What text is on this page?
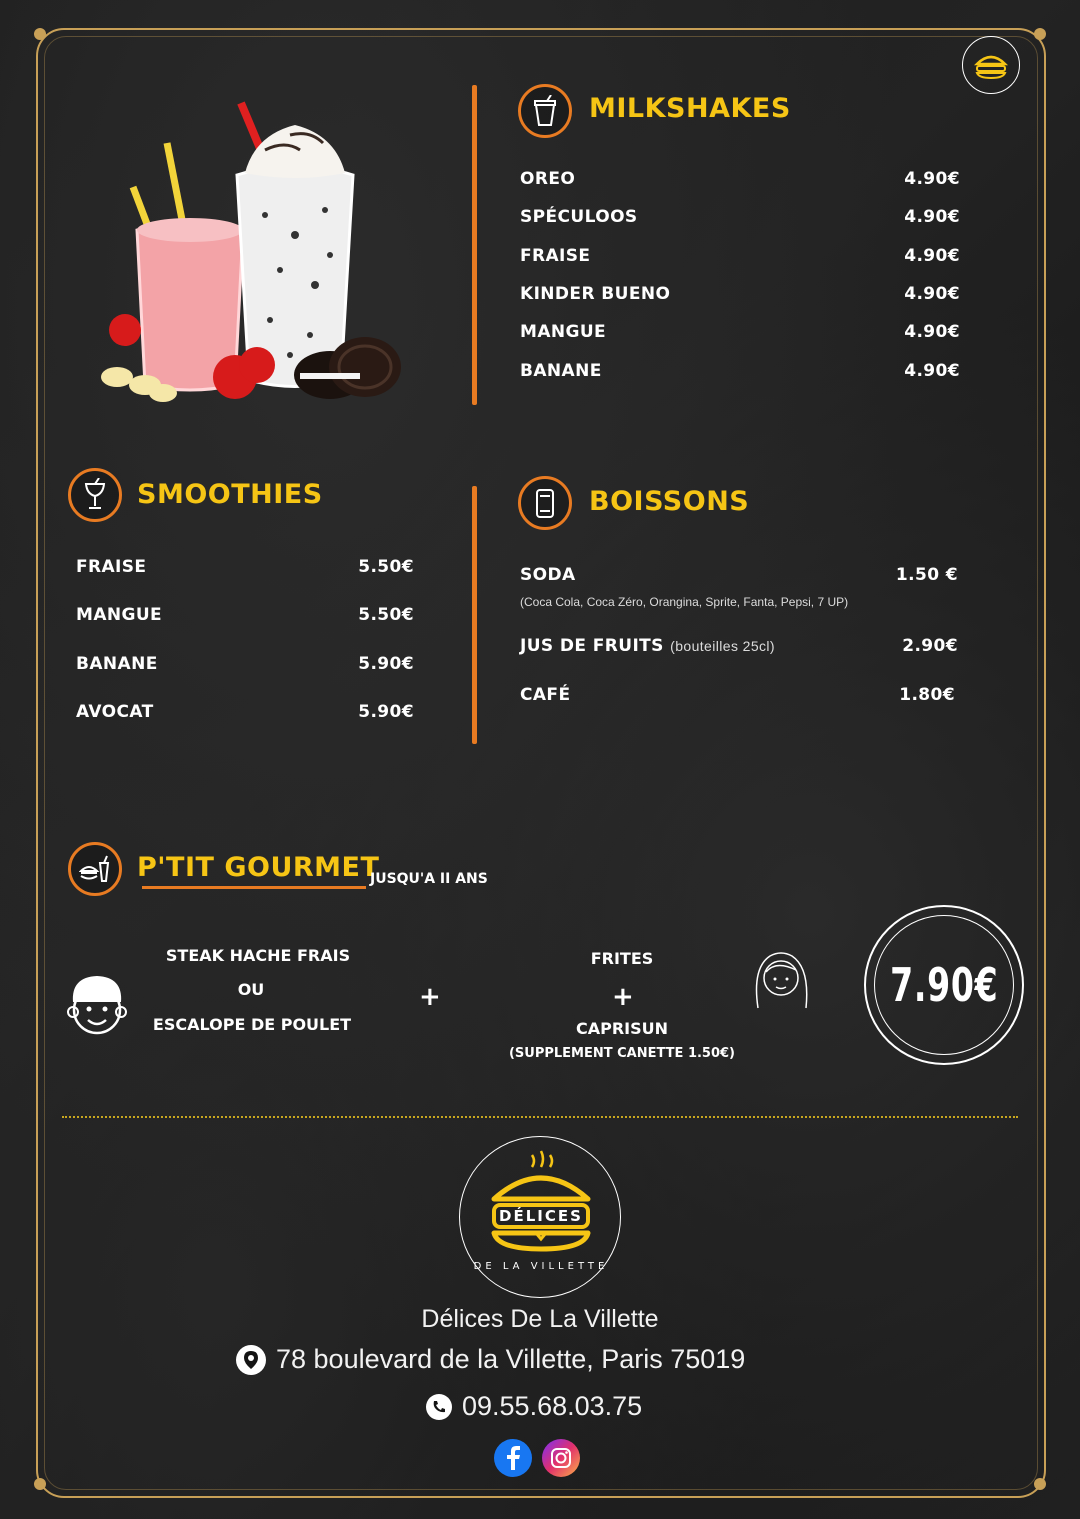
MILKSHAKES
OREO	4.90€
SPÉCULOOS	4.90€
FRAISE	4.90€
KINDER BUENO	4.90€
MANGUE	4.90€
BANANE	4.90€
SMOOTHIES
FRAISE	5.50€
MANGUE	5.50€
BANANE	5.90€
AVOCAT	5.90€
BOISSONS
SODA	1.50 €
(Coca Cola, Coca Zéro, Orangina, Sprite, Fanta, Pepsi, 7 UP)
JUS DE FRUITS (bouteilles 25cl)	2.90€
CAFÉ	1.80€
P'TIT GOURMET
JUSQU'A II ANS
STEAK HACHE FRAIS
OU
ESCALOPE DE POULET
+
FRITES
+
CAPRISUN
(SUPPLEMENT CANETTE 1.50€)
7.90€
DÉLICES
DE LA VILLETTE
Délices De La Villette
78 boulevard de la Villette, Paris 75019
09.55.68.03.75
